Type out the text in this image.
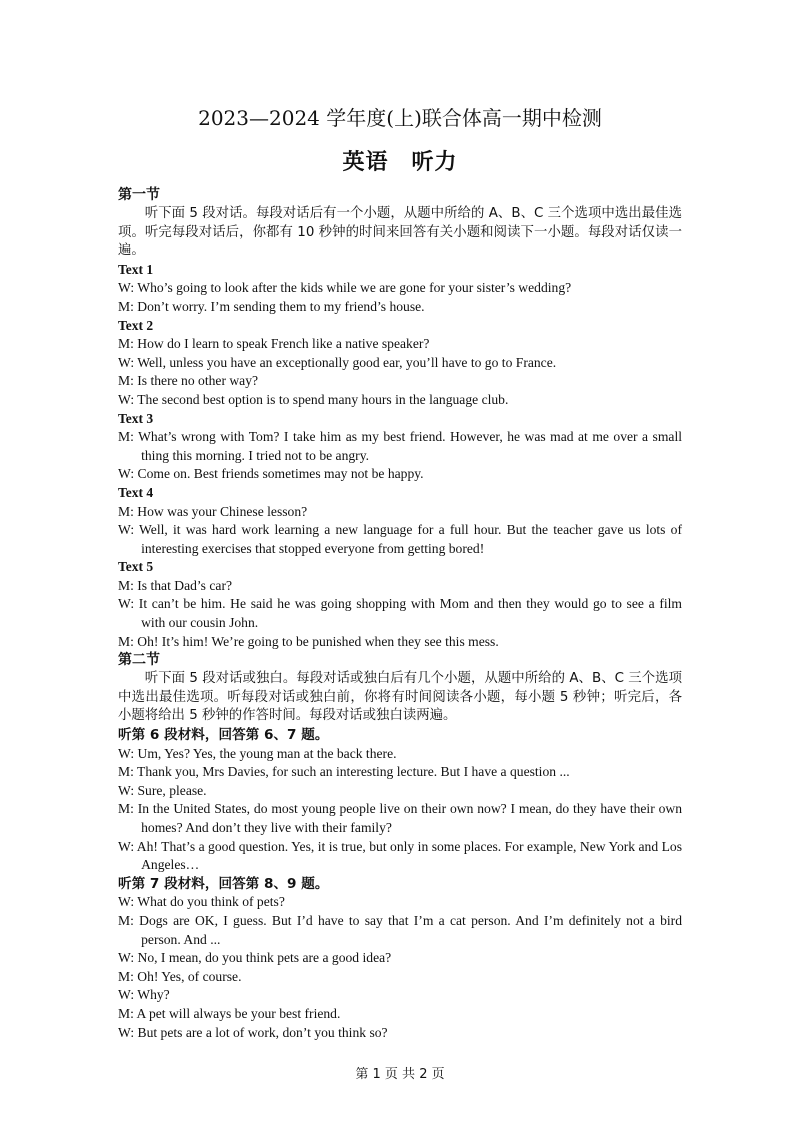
2023—2024 学年度(上)联合体高一期中检测
英语　听力

第一节

听下面 5 段对话。每段对话后有一个小题，从题中所给的 A、B、C 三个选项中选出最佳选项。听完每段对话后，你都有 10 秒钟的时间来回答有关小题和阅读下一小题。每段对话仅读一遍。

Text 1

W: Who’s going to look after the kids while we are gone for your sister’s wedding?

M: Don’t worry. I’m sending them to my friend’s house.

Text 2

M: How do I learn to speak French like a native speaker?

W: Well, unless you have an exceptionally good ear, you’ll have to go to France.

M: Is there no other way?

W: The second best option is to spend many hours in the language club.

Text 3

M: What’s wrong with Tom? I take him as my best friend. However, he was mad at me over a small thing this morning. I tried not to be angry.

W: Come on. Best friends sometimes may not be happy.

Text 4

M: How was your Chinese lesson?

W: Well, it was hard work learning a new language for a full hour. But the teacher gave us lots of interesting exercises that stopped everyone from getting bored!

Text 5

M: Is that Dad’s car?

W: It can’t be him. He said he was going shopping with Mom and then they would go to see a film with our cousin John.

M: Oh! It’s him! We’re going to be punished when they see this mess.

第二节

听下面 5 段对话或独白。每段对话或独白后有几个小题，从题中所给的 A、B、C 三个选项中选出最佳选项。听每段对话或独白前，你将有时间阅读各小题，每小题 5 秒钟；听完后，各小题将给出 5 秒钟的作答时间。每段对话或独白读两遍。

听第 6 段材料，回答第 6、7 题。

W: Um, Yes? Yes, the young man at the back there.

M: Thank you, Mrs Davies, for such an interesting lecture. But I have a question ...

W: Sure, please.

M: In the United States, do most young people live on their own now? I mean, do they have their own homes? And don’t they live with their family?

W: Ah! That’s a good question. Yes, it is true, but only in some places. For example, New York and Los Angeles…

听第 7 段材料，回答第 8、9 题。

W: What do you think of pets?

M: Dogs are OK, I guess. But I’d have to say that I’m a cat person. And I’m definitely not a bird person. And ...

W: No, I mean, do you think pets are a good idea?

M: Oh! Yes, of course.

W: Why?

M: A pet will always be your best friend.

W: But pets are a lot of work, don’t you think so?

第 1 页 共 2 页
